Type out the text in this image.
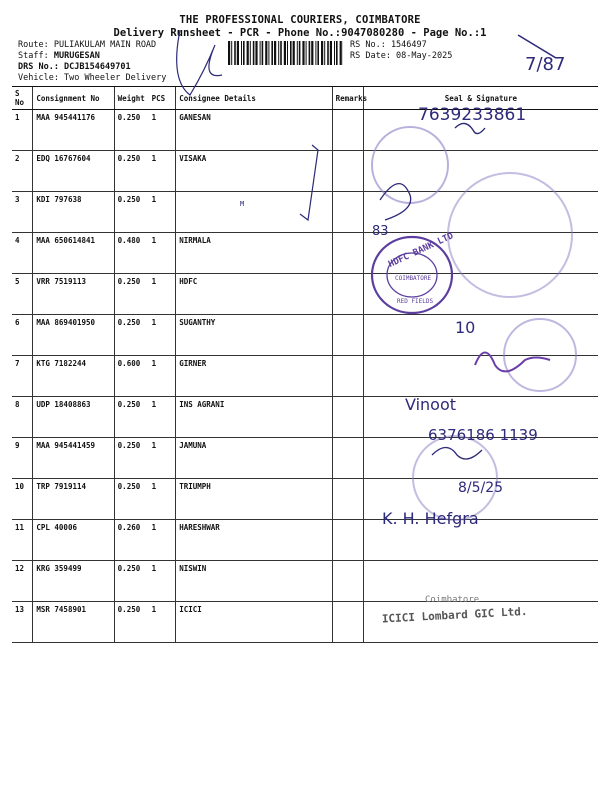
THE PROFESSIONAL COURIERS, COIMBATORE
Delivery Runsheet - PCR - Phone No.:9047080280 - Page No.:1
Route: PULIAKULAM MAIN ROAD
Staff: MURUGESAN
DRS No.: DCJB154649701
Vehicle: Two Wheeler Delivery
RS No.: 1546497
RS Date: 08-May-2025
S No	Consignment No	Weight	PCS	Consignee Details	Remarks	Seal & Signature
1	MAA 945441176	0.250	1	GANESAN		
2	EDQ 16767604	0.250	1	VISAKA		
3	KDI 797638	0.250	1			
4	MAA 650614841	0.480	1	NIRMALA		
5	VRR 7519113	0.250	1	HDFC		
6	MAA 869401950	0.250	1	SUGANTHY		
7	KTG 7182244	0.600	1	GIRNER		
8	UDP 18408863	0.250	1	INS AGRANI		
9	MAA 945441459	0.250	1	JAMUNA		
10	TRP 7919114	0.250	1	TRIUMPH		
11	CPL 40006	0.260	1	HARESHWAR		
12	KRG 359499	0.250	1	NISWIN		
13	MSR 7458901	0.250	1	ICICI		
7/87
7639233861
HDFC BANK LTD
COIMBATORE
RED FIELDS
83
M
10
Vinoot
6376186 1139
8/5/25
K. H. Hefgra
Coimbatore
ICICI Lombard GIC Ltd.
